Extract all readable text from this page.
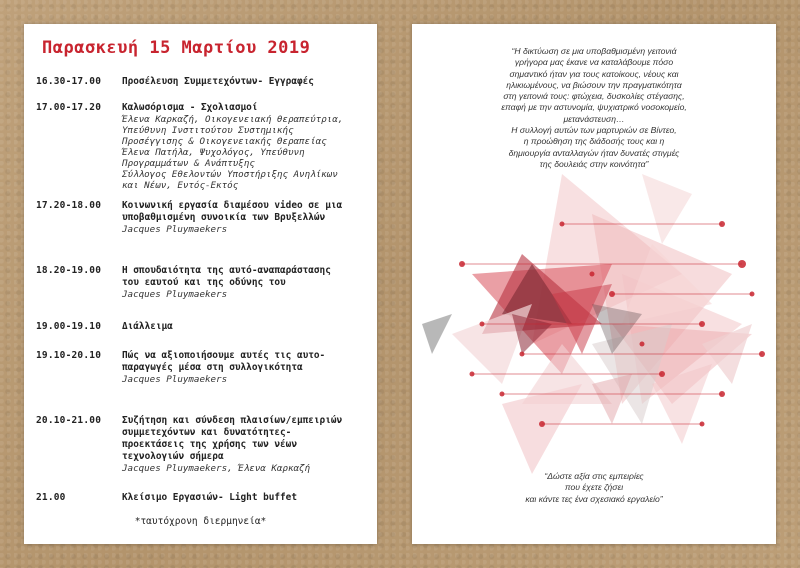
Παρασκευή 15 Μαρτίου 2019
16.30-17.00	Προσέλευση Συμμετεχόντων- Εγγραφές
17.00-17.20	Καλωσόρισμα - Σχολιασμοί
Έλενα Καρκαζή, Οικογενειακή θεραπεύτρια,
Υπεύθυνη Ινστιτούτου Συστημικής
Προσέγγισης & Οικογενειακής Θεραπείας
Έλενα Πατήλα, Ψυχολόγος, Υπεύθυνη
Προγραμμάτων & Ανάπτυξης
Σύλλογος Εθελοντών Υποστήριξης Ανηλίκων
και Νέων, Εντός-Εκτός
17.20-18.00	Κοινωνική εργασία διαμέσου video σε μια
υποβαθμισμένη συνοικία των Βρυξελλών
Jacques Pluymaekers
18.20-19.00	Η σπουδαιότητα της αυτό-αναπαράστασης
του εαυτού και της οδύνης του
Jacques Pluymaekers
19.00-19.10	Διάλλειμα
19.10-20.10	Πώς να αξιοποιήσουμε αυτές τις αυτο-
παραγωγές μέσα στη συλλογικότητα
Jacques Pluymaekers
20.10-21.00	Συζήτηση και σύνδεση πλαισίων/εμπειριών
συμμετεχόντων και δυνατότητες-
προεκτάσεις της χρήσης των νέων
τεχνολογιών σήμερα
Jacques Pluymaekers, Έλενα Καρκαζή
21.00	Κλείσιμο Εργασιών- Light buffet
*ταυτόχρονη διερμηνεία*
“Η δικτύωση σε μια υποβαθμισμένη γειτονιά
γρήγορα μας έκανε να καταλάβουμε πόσο
σημαντικό ήταν για τους κατοίκους, νέους και
ηλικιωμένους, να βιώσουν την πραγματικότητα
στη γειτονιά τους: φτώχεια, δυσκολίες στέγασης,
επαφή με την αστυνομία, ψυχιατρικό νοσοκομείο,
μετανάστευση…
Η συλλογή αυτών των μαρτυριών σε Βίντεο,
η προώθηση της διάδοσής τους και η
δημιουργία ανταλλαγών ήταν δυνατές στιγμές
της δουλειάς στην κοινότητα”
“Δώστε αξία στις εμπειρίες
που έχετε ζήσει
και κάντε τες ένα σχεσιακό εργαλείο”
